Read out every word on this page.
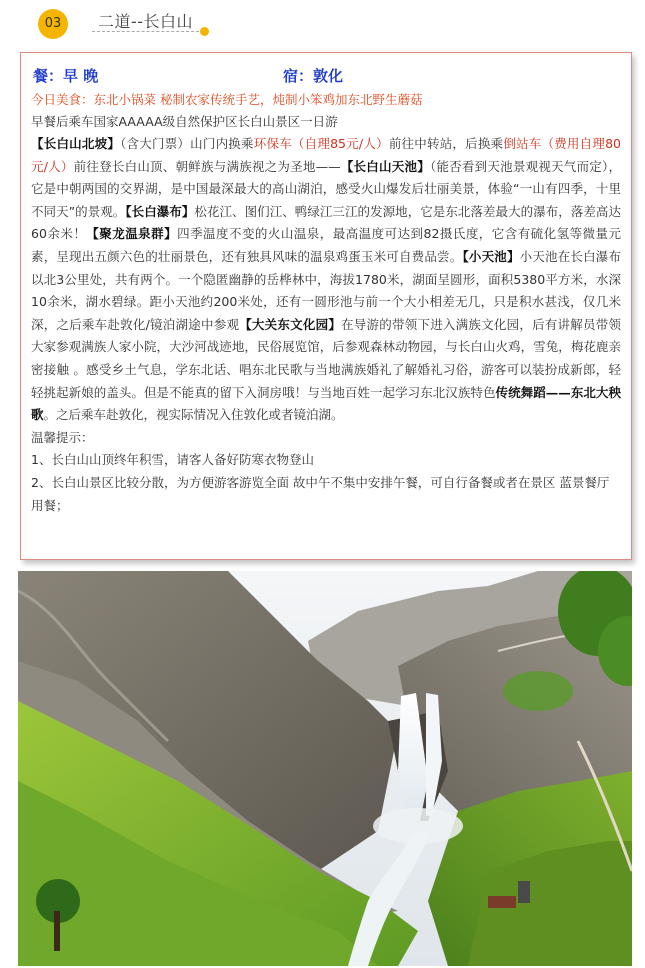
03	二道--长白山
餐：早 晚	宿：敦化
今日美食：东北小锅菜 秘制农家传统手艺，炖制小笨鸡加东北野生蘑菇
早餐后乘车国家AAAAA级自然保护区长白山景区一日游
【长白山北坡】（含大门票）山门内换乘环保车（自理85元/人）前往中转站，后换乘倒站车（费用自理80元/人）前往登长白山顶、朝鲜族与满族视之为圣地——【长白山天池】（能否看到天池景观视天气而定），它是中朝两国的交界湖，是中国最深最大的高山湖泊，感受火山爆发后壮丽美景，体验“一山有四季，十里不同天”的景观。【长白瀑布】松花江、图们江、鸭绿江三江的发源地，它是东北落差最大的瀑布，落差高达60余米！【聚龙温泉群】四季温度不变的火山温泉，最高温度可达到82摄氏度，它含有硫化氢等微量元素，呈现出五颜六色的壮丽景色，还有独具风味的温泉鸡蛋玉米可自费品尝。【小天池】小天池在长白瀑布以北3公里处，共有两个。一个隐匿幽静的岳桦林中，海拔1780米，湖面呈圆形，面积5380平方米，水深10余米，湖水碧绿。距小天池约200米处，还有一圆形池与前一个大小相差无几，只是积水甚浅，仅几米深，之后乘车赴敦化/镜泊湖途中参观【大关东文化园】在导游的带领下进入满族文化园，后有讲解员带领大家参观满族人家小院，大沙河战迹地，民俗展览馆，后参观森林动物园，与长白山火鸡，雪兔，梅花鹿亲密接触 。感受乡土气息，学东北话、唱东北民歌与当地满族婚礼了解婚礼习俗，游客可以装扮成新郎，轻轻挑起新娘的盖头。但是不能真的留下入洞房哦！与当地百姓一起学习东北汉族特色传统舞蹈——东北大秧歌。之后乘车赴敦化，视实际情况入住敦化或者镜泊湖。
温馨提示：
1、长白山山顶终年积雪，请客人备好防寒衣物登山
2、长白山景区比较分散，为方便游客游览全面 故中午不集中安排午餐，可自行备餐或者在景区 蓝景餐厅用餐；
